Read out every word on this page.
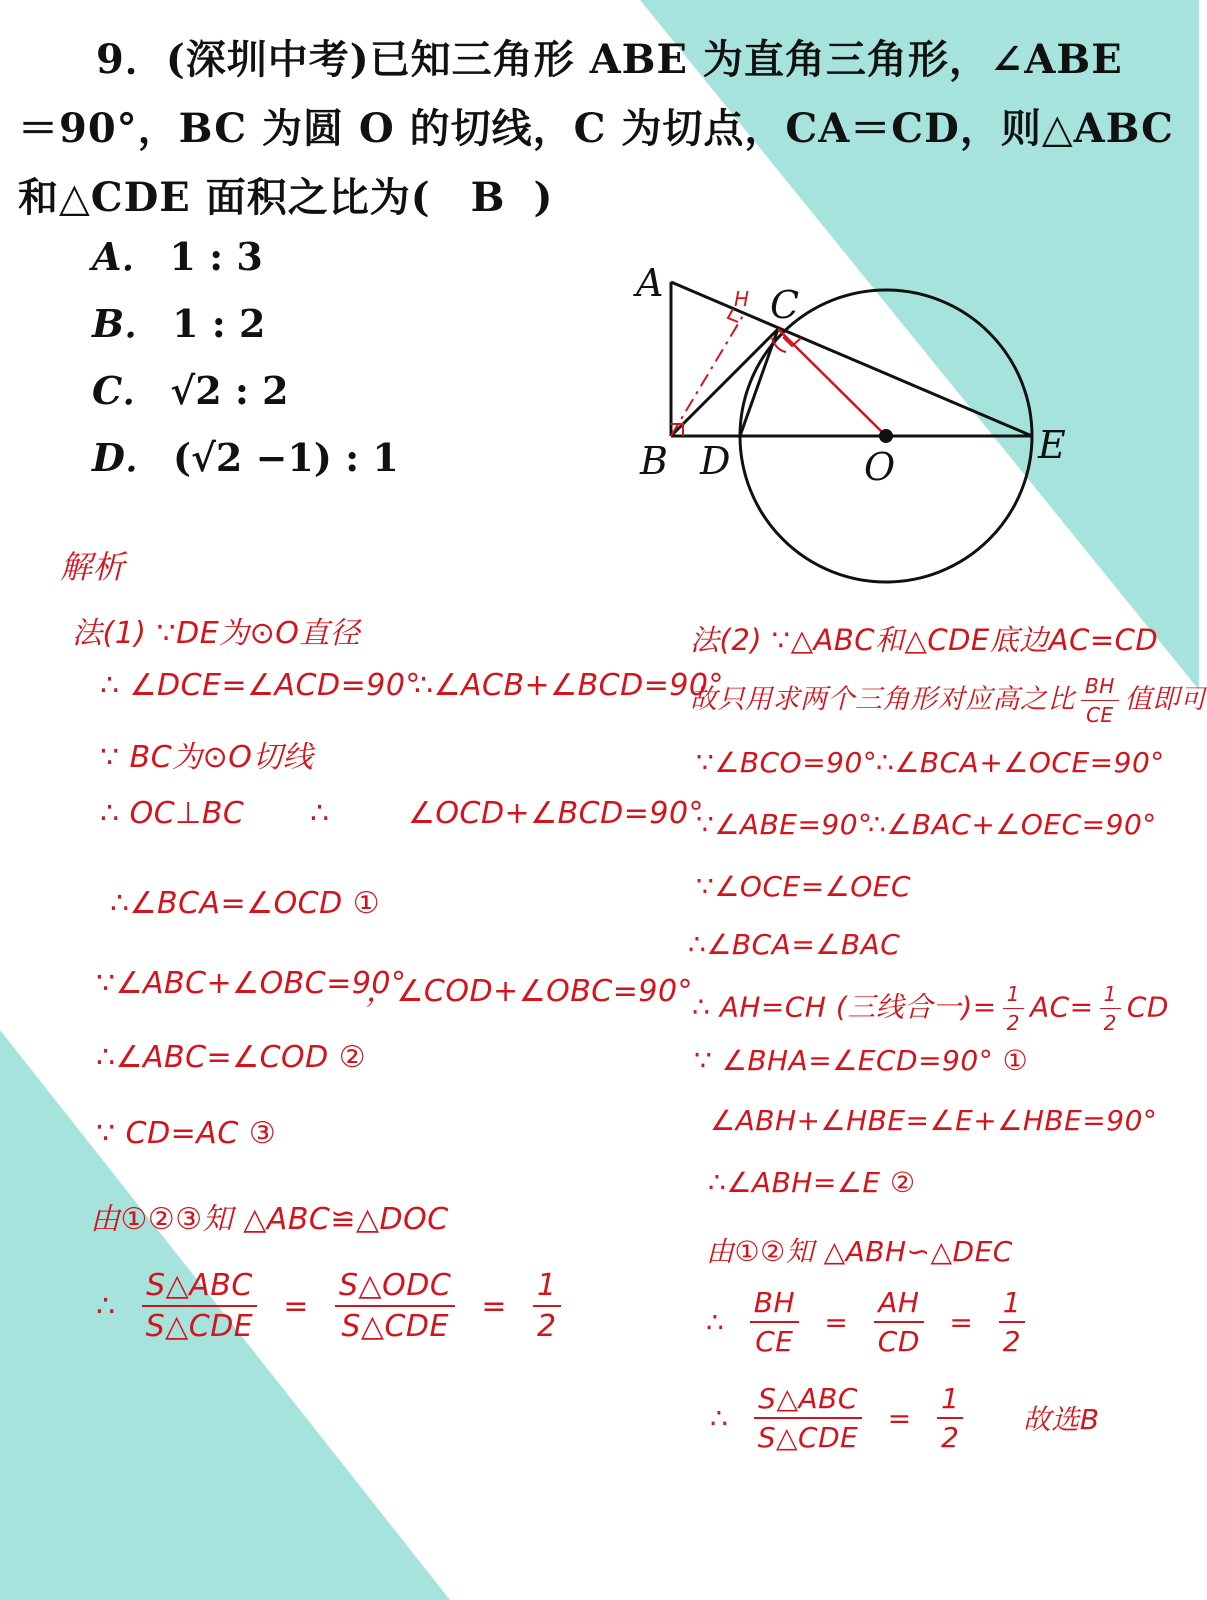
9．(深圳中考)已知三角形 ABE 为直角三角形，∠ABE
＝90°，BC 为圆 O 的切线，C 为切点，CA＝CD，则△ABC
和△CDE 面积之比为( B )
A． 1 : 3
B． 1 : 2
C． √2 : 2
D． (√2 −1) : 1
A
B
C
D	O	E
H
解析
法(1) ∵DE为⊙O直径
∴ ∠DCE=∠ACD=90°
∴∠ACB+∠BCD=90°
∵ BC为⊙O切线
∴ OC⊥BC ∴	∠OCD+∠BCD=90°
∴∠BCA=∠OCD ①
∵∠ABC+∠OBC=90°
，∠COD+∠OBC=90°
∴∠ABC=∠COD ②
∵ CD=AC ③
由①②③知 △ABC≌△DOC
∴ $\frac{\text{S△ABC}}{\text{S△CDE}} = \frac{\text{S△ODC}}{\text{S△CDE}} = \frac{1}{2}$
法(2) ∵△ABC和△CDE底边AC=CD
故只用求两个三角形对应高之比 $\frac{BH}{CE}$ 值即可
∵∠BCO=90°
∴∠BCA+∠OCE=90°
∵∠ABE=90°
∴∠BAC+∠OEC=90°
∵∠OCE=∠OEC
∴∠BCA=∠BAC
∴ AH=CH (三线合一)= $\frac{1}{2} AC= \frac{1}{2}$ CD
∵ ∠BHA=∠ECD=90° ①
∠ABH+∠HBE=∠E+∠HBE=90°
∴∠ABH=∠E ②
由①②知 △ABH∽△DEC
∴ $\frac{BH}{CE} = \frac{AH}{CD} = \frac{1}{2}$
∴ $\frac{\text{S△ABC}}{\text{S△CDE}} = \frac{1}{2}$ 故选B
